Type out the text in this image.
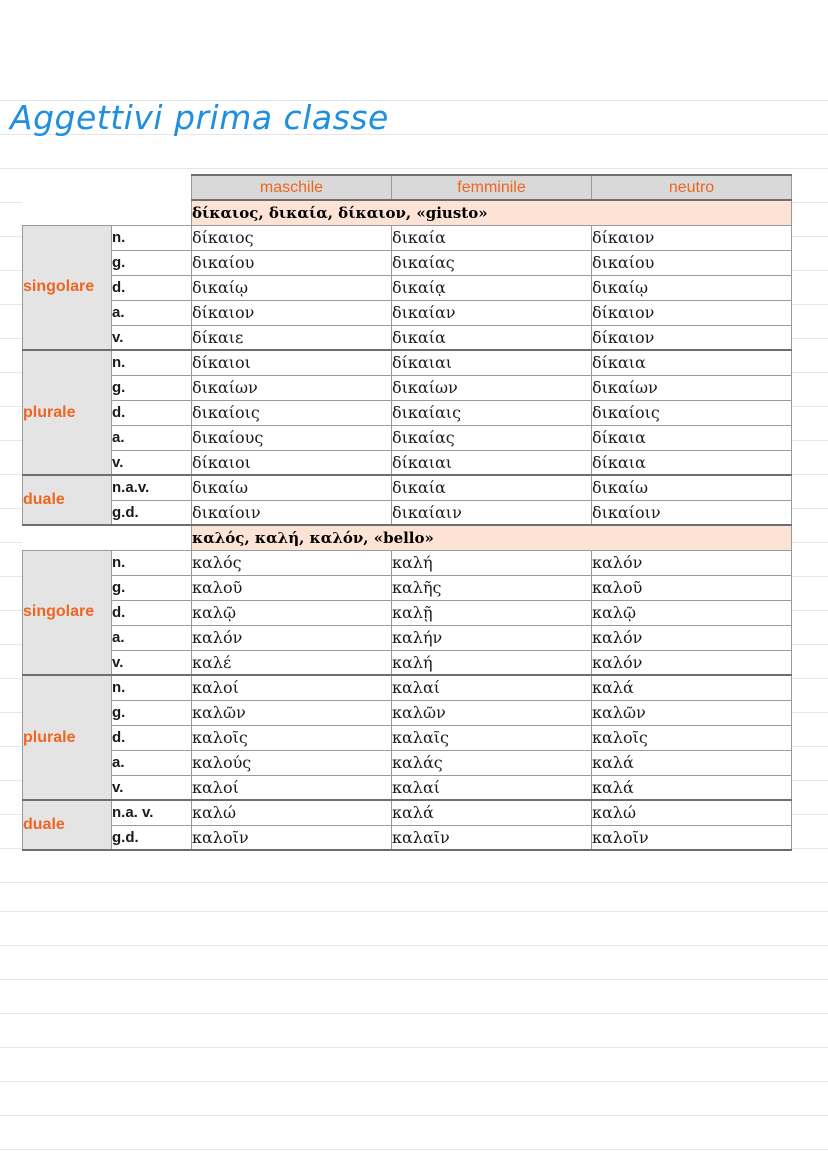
Aggettivi prima classe
		maschile	femminile	neutro
		δίκαιος, δικαία, δίκαιον, «giusto»		
singolare	n.	δίκαιος	δικαία	δίκαιον
	g.	δικαίου	δικαίας	δικαίου
	d.	δικαίῳ	δικαίᾳ	δικαίῳ
	a.	δίκαιον	δικαίαν	δίκαιον
	v.	δίκαιε	δικαία	δίκαιον
plurale	n.	δίκαιοι	δίκαιαι	δίκαια
	g.	δικαίων	δικαίων	δικαίων
	d.	δικαίοις	δικαίαις	δικαίοις
	a.	δικαίους	δικαίας	δίκαια
	v.	δίκαιοι	δίκαιαι	δίκαια
duale	n.a.v.	δικαίω	δικαία	δικαίω
	g.d.	δικαίοιν	δικαίαιν	δικαίοιν
		καλός, καλή, καλόν, «bello»		
singolare	n.	καλός	καλή	καλόν
	g.	καλοῦ	καλῆς	καλοῦ
	d.	καλῷ	καλῇ	καλῷ
	a.	καλόν	καλήν	καλόν
	v.	καλέ	καλή	καλόν
plurale	n.	καλοί	καλαί	καλά
	g.	καλῶν	καλῶν	καλῶν
	d.	καλοῖς	καλαῖς	καλοῖς
	a.	καλούς	καλάς	καλά
	v.	καλοί	καλαί	καλά
duale	n.a. v.	καλώ	καλά	καλώ
	g.d.	καλοῖν	καλαῖν	καλοῖν
